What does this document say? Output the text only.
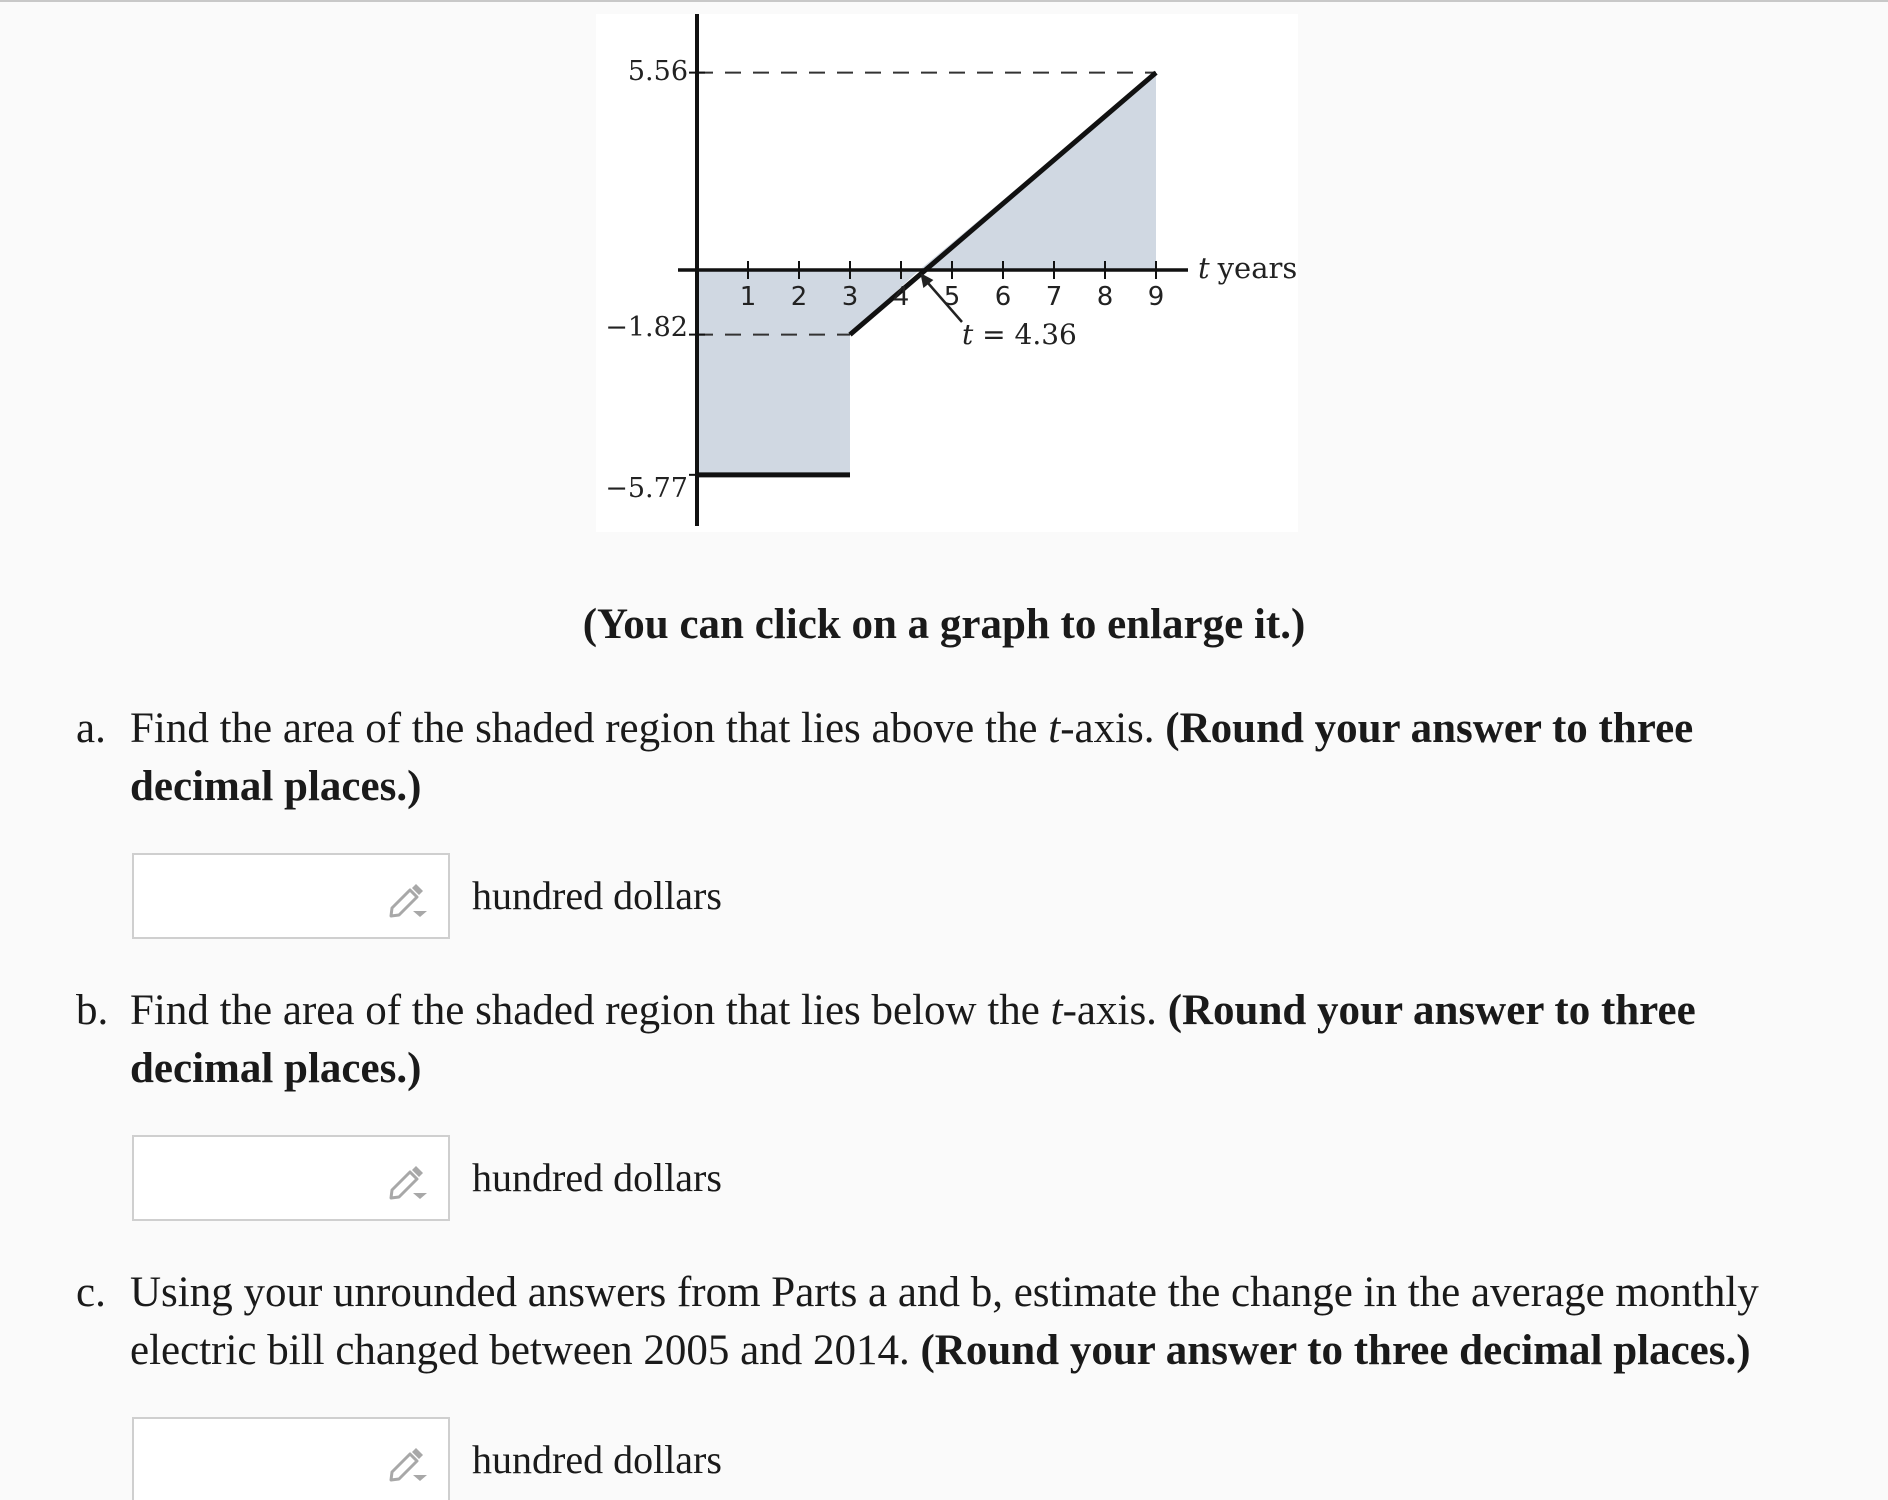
5.56
−1.82
−5.77
1 2 3 4 5 6 7 8 9
t years
t = 4.36
(You can click on a graph to enlarge it.)
a. Find the area of the shaded region that lies above the t-axis. (Round your answer to three decimal places.)
hundred dollars
b. Find the area of the shaded region that lies below the t-axis. (Round your answer to three decimal places.)
hundred dollars
c. Using your unrounded answers from Parts a and b, estimate the change in the average monthly electric bill changed between 2005 and 2014. (Round your answer to three decimal places.)
hundred dollars
